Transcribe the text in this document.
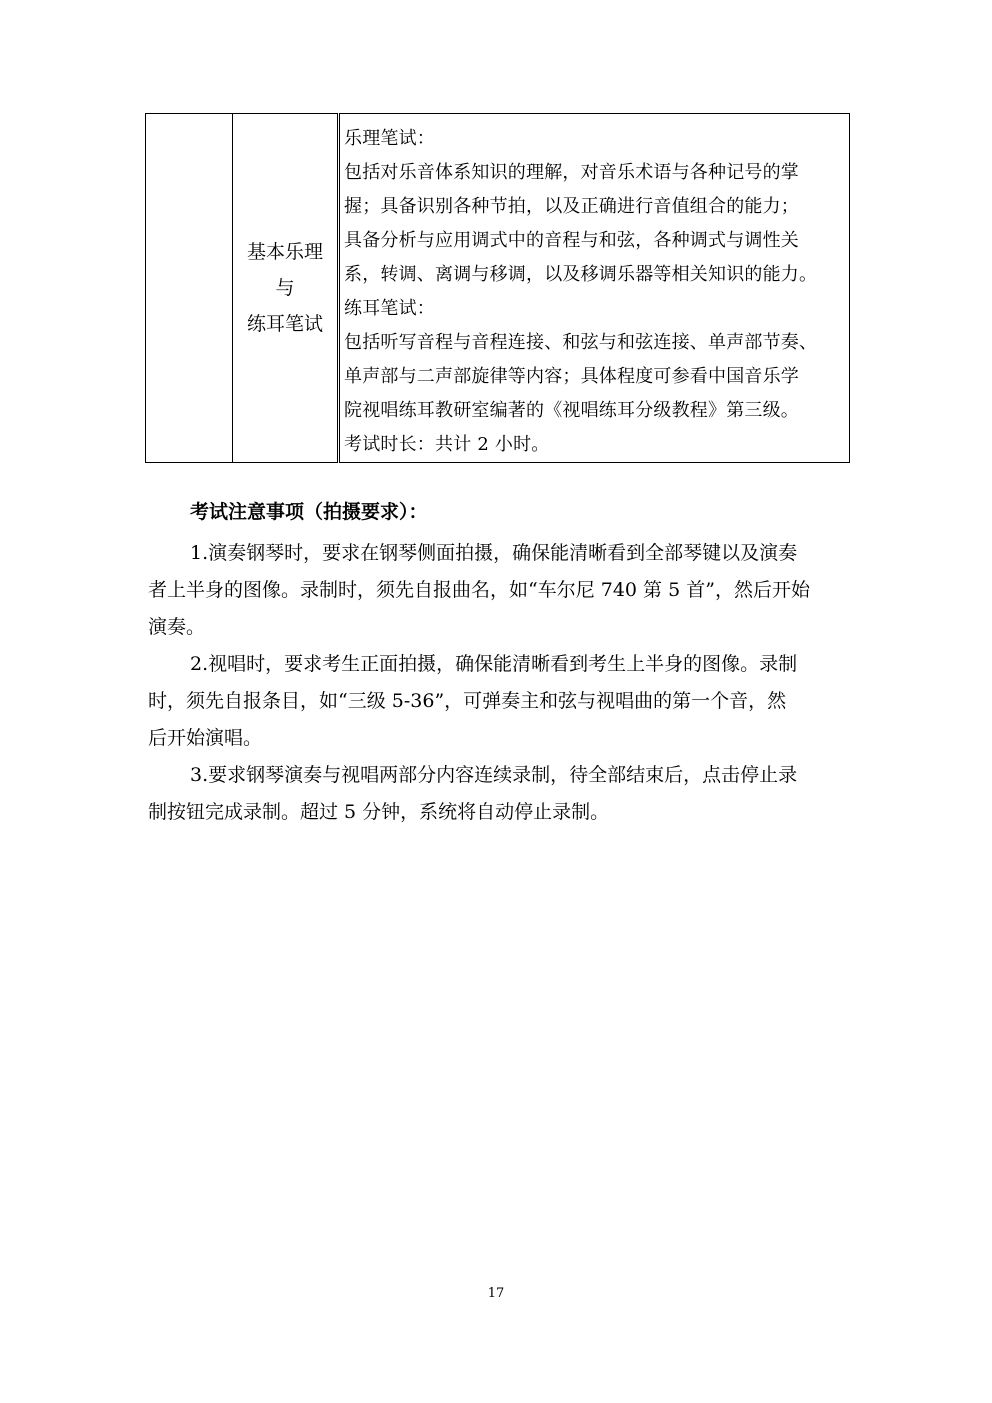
基本乐理
与
练耳笔试

乐理笔试：
包括对乐音体系知识的理解，对音乐术语与各种记号的掌
握；具备识别各种节拍，以及正确进行音值组合的能力；
具备分析与应用调式中的音程与和弦，各种调式与调性关
系，转调、离调与移调，以及移调乐器等相关知识的能力。
练耳笔试：
包括听写音程与音程连接、和弦与和弦连接、单声部节奏、
单声部与二声部旋律等内容；具体程度可参看中国音乐学
院视唱练耳教研室编著的《视唱练耳分级教程》第三级。
考试时长：共计 2 小时。

考试注意事项（拍摄要求）：

1.演奏钢琴时，要求在钢琴侧面拍摄，确保能清晰看到全部琴键以及演奏
者上半身的图像。录制时，须先自报曲名，如“车尔尼 740 第 5 首”，然后开始
演奏。
2.视唱时，要求考生正面拍摄，确保能清晰看到考生上半身的图像。录制
时，须先自报条目，如“三级 5-36”，可弹奏主和弦与视唱曲的第一个音，然
后开始演唱。
3.要求钢琴演奏与视唱两部分内容连续录制，待全部结束后，点击停止录
制按钮完成录制。超过 5 分钟，系统将自动停止录制。
17
